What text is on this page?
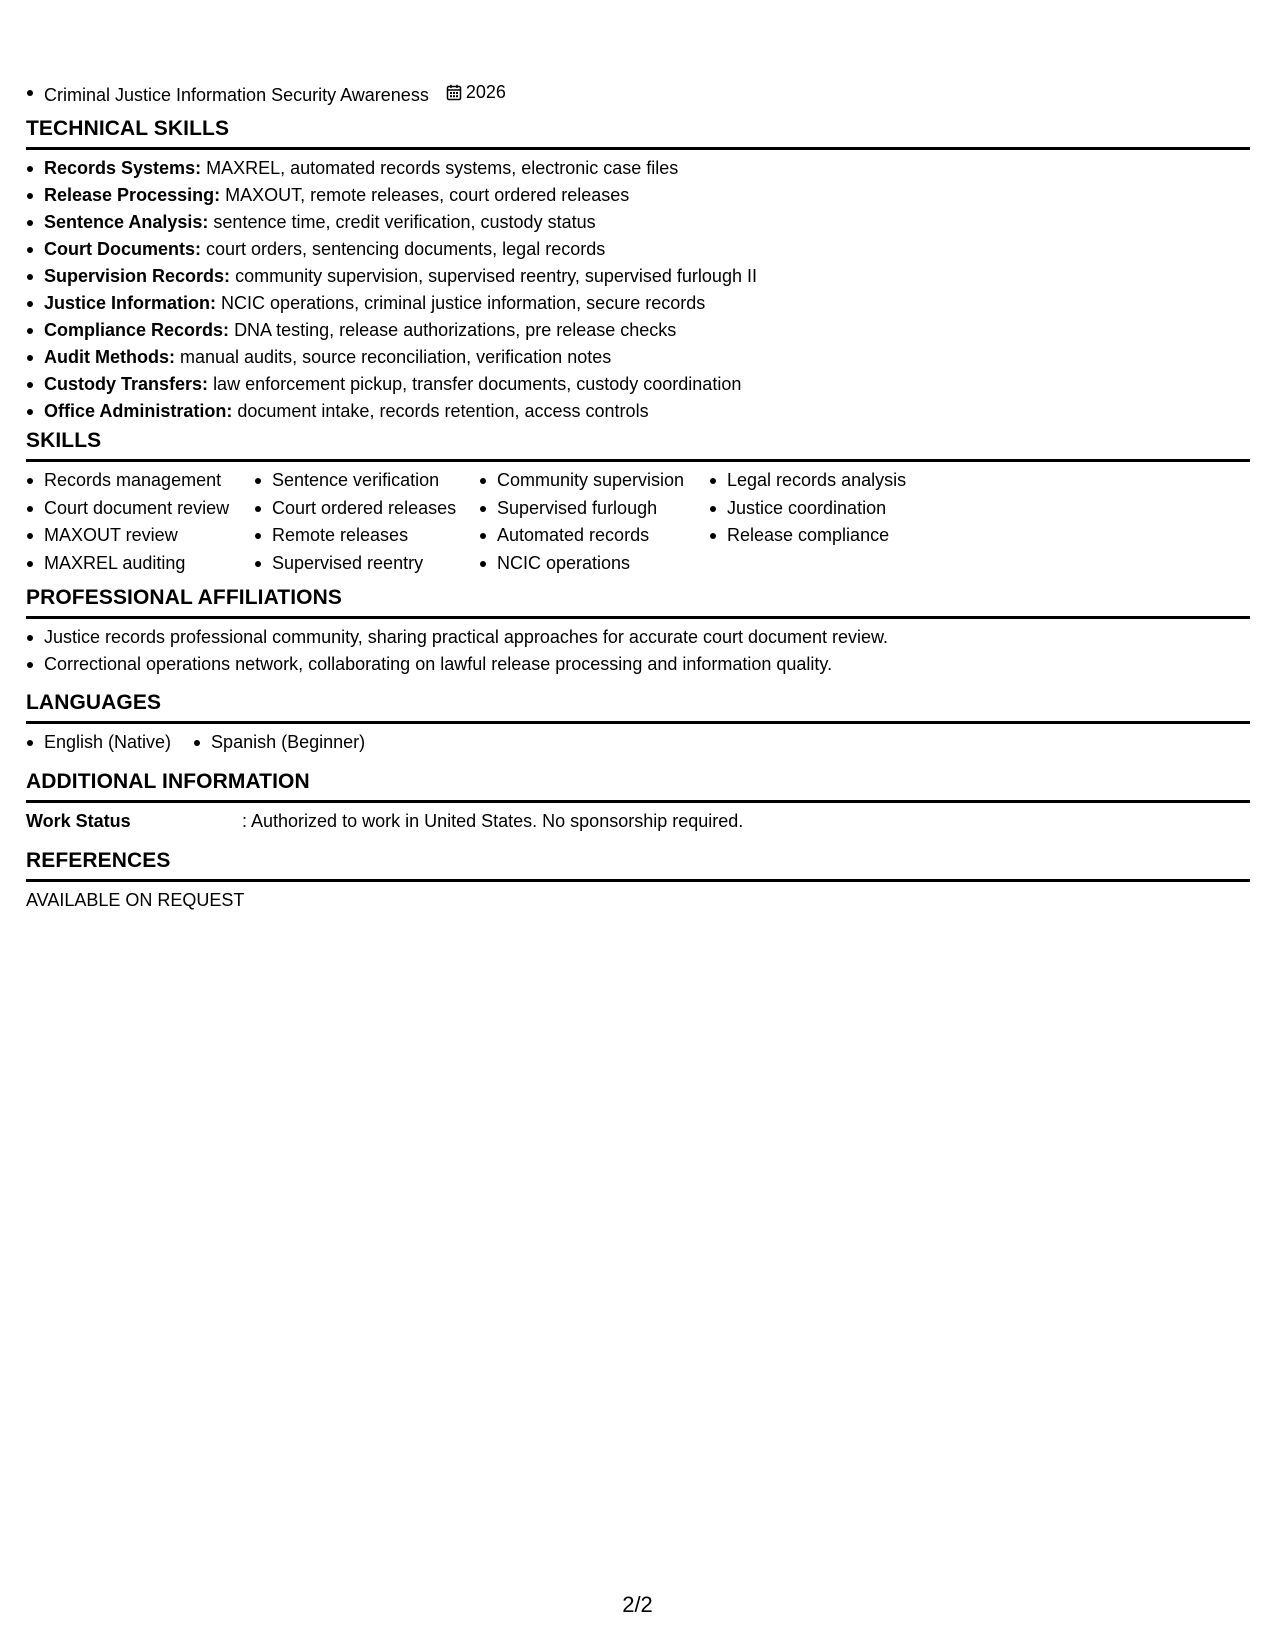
Criminal Justice Information Security Awareness 2026
TECHNICAL SKILLS
Records Systems: MAXREL, automated records systems, electronic case files
Release Processing: MAXOUT, remote releases, court ordered releases
Sentence Analysis: sentence time, credit verification, custody status
Court Documents: court orders, sentencing documents, legal records
Supervision Records: community supervision, supervised reentry, supervised furlough II
Justice Information: NCIC operations, criminal justice information, secure records
Compliance Records: DNA testing, release authorizations, pre release checks
Audit Methods: manual audits, source reconciliation, verification notes
Custody Transfers: law enforcement pickup, transfer documents, custody coordination
Office Administration: document intake, records retention, access controls
SKILLS
Records management
Court document review
MAXOUT review
MAXREL auditing
Sentence verification
Court ordered releases
Remote releases
Supervised reentry
Community supervision
Supervised furlough
Automated records
NCIC operations
Legal records analysis
Justice coordination
Release compliance
PROFESSIONAL AFFILIATIONS
Justice records professional community, sharing practical approaches for accurate court document review.
Correctional operations network, collaborating on lawful release processing and information quality.
LANGUAGES
English (Native)	Spanish (Beginner)
ADDITIONAL INFORMATION
Work Status	: Authorized to work in United States. No sponsorship required.
REFERENCES
AVAILABLE ON REQUEST
2/2
